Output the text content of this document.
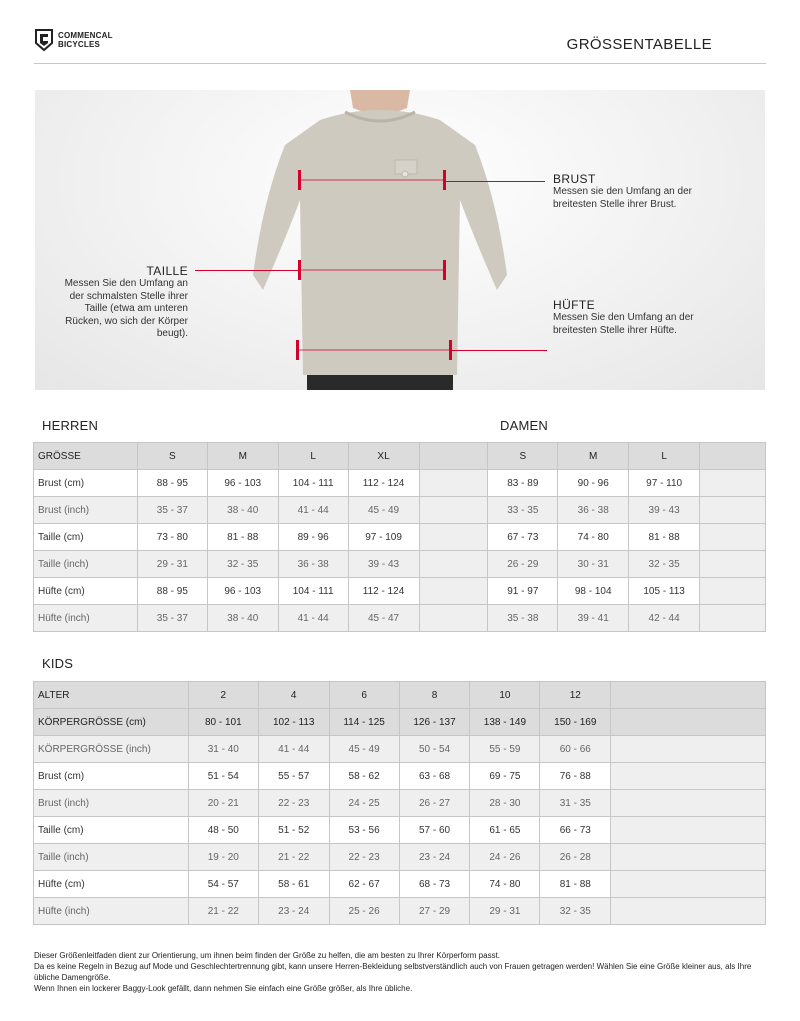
COMMENCAL
BICYCLES	GRÖSSENTABELLE
BRUST
Messen sie den Umfang an der
breitesten Stelle ihrer Brust.
TAILLE
Messen Sie den Umfang an
der schmalsten Stelle ihrer
Taille (etwa am unteren
Rücken, wo sich der Körper
beugt).
HÜFTE
Messen Sie den Umfang an der
breitesten Stelle ihrer Hüfte.
HERREN	DAMEN
GRÖSSE	S	M	L	XL		S	M	L	
Brust (cm)	88 - 95	96 - 103	104 - 111	112 - 124		83 - 89	90 - 96	97 - 110	
Brust (inch)	35 - 37	38 - 40	41 - 44	45 - 49		33 - 35	36 - 38	39 - 43	
Taille (cm)	73 - 80	81 - 88	89 - 96	97 - 109		67 - 73	74 - 80	81 - 88	
Taille (inch)	29 - 31	32 - 35	36 - 38	39 - 43		26 - 29	30 - 31	32 - 35	
Hüfte (cm)	88 - 95	96 - 103	104 - 111	112 - 124		91 - 97	98 - 104	105 - 113	
Hüfte (inch)	35 - 37	38 - 40	41 - 44	45 - 47		35 - 38	39 - 41	42 - 44	
KIDS
ALTER	2	4	6	8	10	12	
KÖRPERGRÖSSE (cm)	80 - 101	102 - 113	114 - 125	126 - 137	138 - 149	150 - 169	
KÖRPERGRÖSSE (inch)	31 - 40	41 - 44	45 - 49	50 - 54	55 - 59	60 - 66	
Brust (cm)	51 - 54	55 - 57	58 - 62	63 - 68	69 - 75	76 - 88	
Brust (inch)	20 - 21	22 - 23	24 - 25	26 - 27	28 - 30	31 - 35	
Taille (cm)	48 - 50	51 - 52	53 - 56	57 - 60	61 - 65	66 - 73	
Taille (inch)	19 - 20	21 - 22	22 - 23	23 - 24	24 - 26	26 - 28	
Hüfte (cm)	54 - 57	58 - 61	62 - 67	68 - 73	74 - 80	81 - 88	
Hüfte (inch)	21 - 22	23 - 24	25 - 26	27 - 29	29 - 31	32 - 35	
Dieser Größenleitfaden dient zur Orientierung, um ihnen beim finden der Größe zu helfen, die am besten zu Ihrer Körperform passt.
Da es keine Regeln in Bezug auf Mode und Geschlechtertrennung gibt, kann unsere Herren-Bekleidung selbstverständlich auch von Frauen getragen werden! Wählen Sie eine Größe kleiner aus, als Ihre übliche Damengröße.
Wenn Ihnen ein lockerer Baggy-Look gefällt, dann nehmen Sie einfach eine Größe größer, als Ihre übliche.
